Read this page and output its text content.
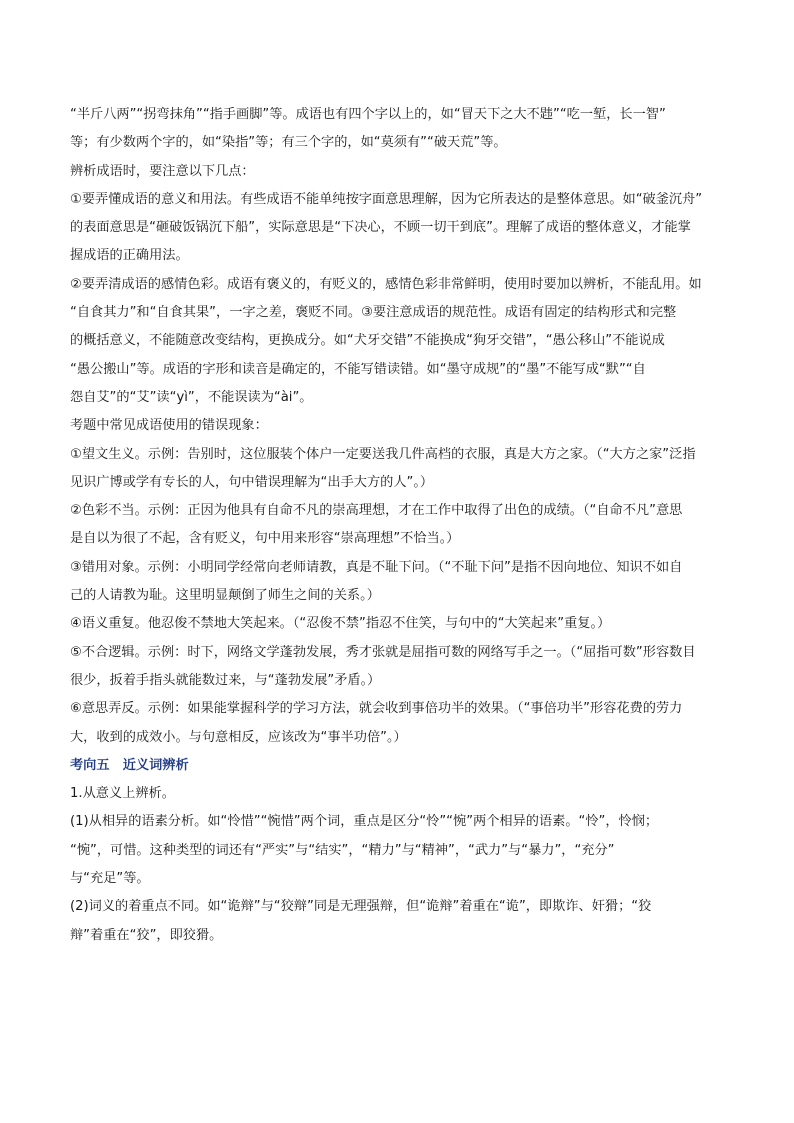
“半斤八两”“拐弯抹角”“指手画脚”等。成语也有四个字以上的，如“冒天下之大不韪”“吃一堑，长一智”
等；有少数两个字的，如“染指”等；有三个字的，如“莫须有”“破天荒”等。
辨析成语时，要注意以下几点：
①要弄懂成语的意义和用法。有些成语不能单纯按字面意思理解，因为它所表达的是整体意思。如“破釜沉舟”
的表面意思是“砸破饭锅沉下船”，实际意思是“下决心，不顾一切干到底”。理解了成语的整体意义，才能掌
握成语的正确用法。
②要弄清成语的感情色彩。成语有褒义的，有贬义的，感情色彩非常鲜明，使用时要加以辨析，不能乱用。如
“自食其力”和“自食其果”，一字之差，褒贬不同。③要注意成语的规范性。成语有固定的结构形式和完整
的概括意义，不能随意改变结构，更换成分。如“犬牙交错”不能换成“狗牙交错”，“愚公移山”不能说成
“愚公搬山”等。成语的字形和读音是确定的，不能写错读错。如“墨守成规”的“墨”不能写成“默”“自
怨自艾”的“艾”读“yì”，不能误读为“ài”。
考题中常见成语使用的错误现象：
①望文生义。示例：告别时，这位服装个体户一定要送我几件高档的衣服，真是大方之家。（“大方之家”泛指
见识广博或学有专长的人，句中错误理解为“出手大方的人”。）
②色彩不当。示例：正因为他具有自命不凡的崇高理想，才在工作中取得了出色的成绩。（“自命不凡”意思
是自以为很了不起，含有贬义，句中用来形容“崇高理想”不恰当。）
③错用对象。示例：小明同学经常向老师请教，真是不耻下问。（“不耻下问”是指不因向地位、知识不如自
己的人请教为耻。这里明显颠倒了师生之间的关系。）
④语义重复。他忍俊不禁地大笑起来。（“忍俊不禁”指忍不住笑，与句中的“大笑起来”重复。）
⑤不合逻辑。示例：时下，网络文学蓬勃发展，秀才张就是屈指可数的网络写手之一。（“屈指可数”形容数目
很少，扳着手指头就能数过来，与“蓬勃发展”矛盾。）
⑥意思弄反。示例：如果能掌握科学的学习方法，就会收到事倍功半的效果。（“事倍功半”形容花费的劳力
大，收到的成效小。与句意相反，应该改为“事半功倍”。）
考向五　近义词辨析
1.从意义上辨析。
(1)从相异的语素分析。如“怜惜”“惋惜”两个词，重点是区分“怜”“惋”两个相异的语素。“怜”，怜悯；
“惋”，可惜。这种类型的词还有“严实”与“结实”，“精力”与“精神”，“武力”与“暴力”，“充分”
与“充足”等。
(2)词义的着重点不同。如“诡辩”与“狡辩”同是无理强辩，但“诡辩”着重在“诡”，即欺诈、奸猾；“狡
辩”着重在“狡”，即狡猾。
